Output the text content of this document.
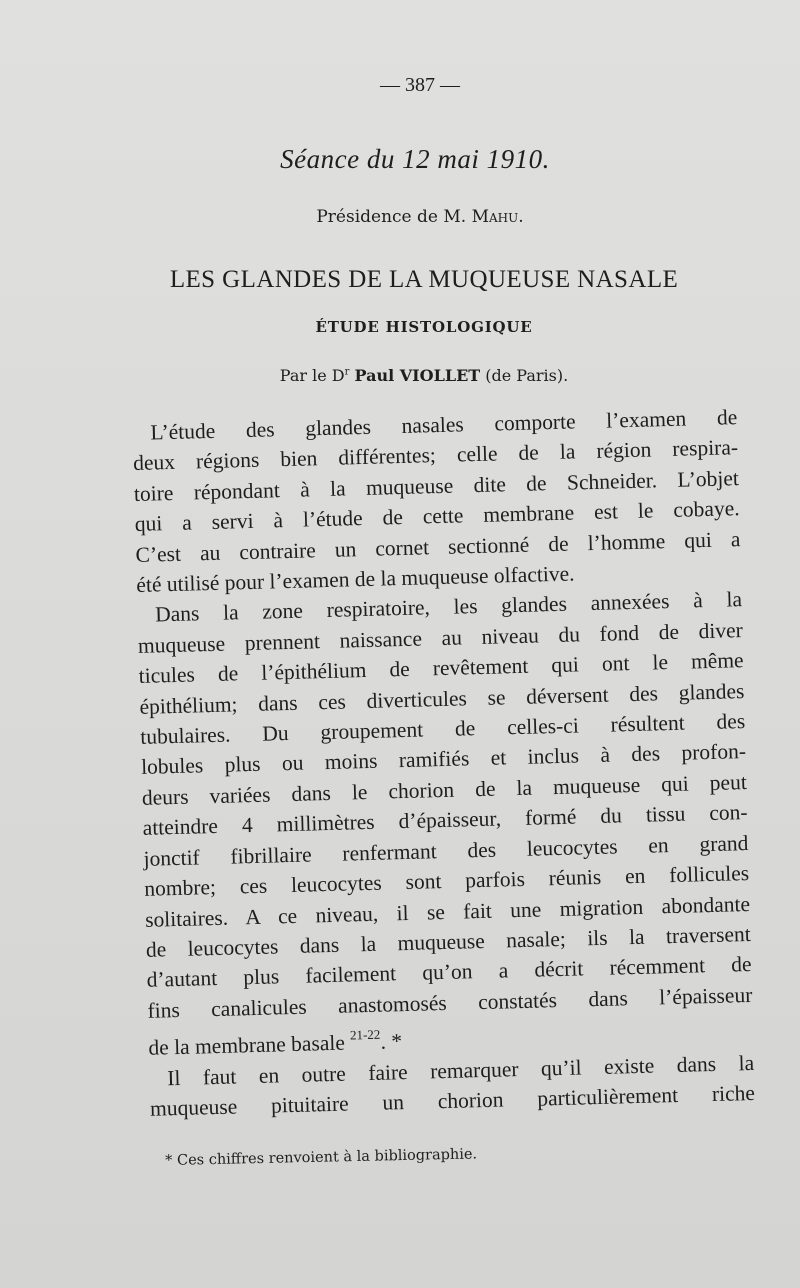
— 387 —
Séance du 12 mai 1910.
Présidence de M. Mahu.
LES GLANDES DE LA MUQUEUSE NASALE
ÉTUDE HISTOLOGIQUE
Par le $D^r$ Paul VIOLLET (de Paris).
L’étude des glandes nasales comporte l’examen de
deux régions bien différentes; celle de la région respira-
toire répondant à la muqueuse dite de Schneider. L’objet
qui a servi à l’étude de cette membrane est le cobaye.
C’est au contraire un cornet sectionné de l’homme qui a
été utilisé pour l’examen de la muqueuse olfactive.
Dans la zone respiratoire, les glandes annexées à la
muqueuse prennent naissance au niveau du fond de diver
ticules de l’épithélium de revêtement qui ont le même
épithélium; dans ces diverticules se déversent des glandes
tubulaires. Du groupement de celles-ci résultent des
lobules plus ou moins ramifiés et inclus à des profon-
deurs variées dans le chorion de la muqueuse qui peut
atteindre 4 millimètres d’épaisseur, formé du tissu con-
jonctif fibrillaire renfermant des leucocytes en grand
nombre; ces leucocytes sont parfois réunis en follicules
solitaires. A ce niveau, il se fait une migration abondante
de leucocytes dans la muqueuse nasale; ils la traversent
d’autant plus facilement qu’on a décrit récemment de
fins canalicules anastomosés constatés dans l’épaisseur
de la membrane basale $^{21-22}$. *
Il faut en outre faire remarquer qu’il existe dans la
muqueuse pituitaire un chorion particulièrement riche
* Ces chiffres renvoient à la bibliographie.
